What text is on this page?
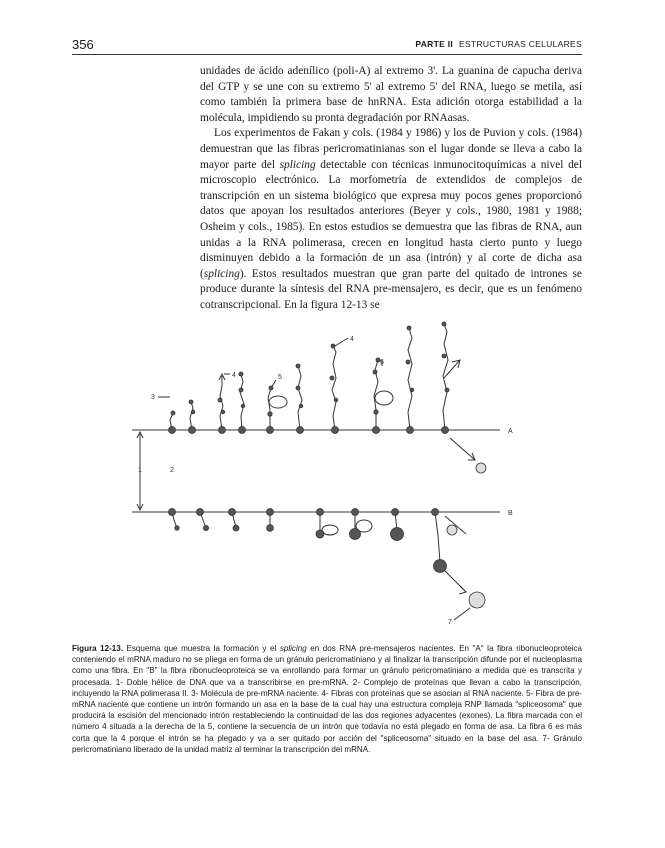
356	PARTE II ESTRUCTURAS CELULARES

unidades de ácido adenílico (poli-A) al extremo 3'. La guanina de capucha deriva del GTP y se une con su extremo 5' al extremo 5' del RNA, luego se metila, así como también la primera base de hnRNA. Esta adición otorga estabilidad a la molécula, impidiendo su pronta degradación por RNAasas.

Los experimentos de Fakan y cols. (1984 y 1986) y los de Puvion y cols. (1984) demuestran que las fibras pericromatinianas son el lugar donde se lleva a cabo la mayor parte del splicing detectable con técnicas inmunocitoquímicas a nivel del microscopio electrónico. La morfometría de extendidos de complejos de transcripción en un sistema biológico que expresa muy pocos genes proporcionó datos que apoyan los resultados anteriores (Beyer y cols., 1980, 1981 y 1988; Osheim y cols., 1985). En estos estudios se demuestra que las fibras de RNA, aun unidas a la RNA polimerasa, crecen en longitud hasta cierto punto y luego disminuyen debido a la formación de un asa (intrón) y al corte de dicha asa (splicing). Estos resultados muestran que gran parte del quitado de intrones se produce durante la síntesis del RNA pre-mensajero, es decir, que es un fenómeno cotranscripcional. En la figura 12-13 se

A
B
1	2
3
4	5
4
6
7
Figura 12-13. Esquema que muestra la formación y el splicing en dos RNA pre-mensajeros nacientes. En "A" la fibra ribonucleoproteica conteniendo el mRNA maduro no se pliega en forma de un gránulo pericromatiniano y al finalizar la transcripción difunde por el nucleoplasma como una fibra. En "B" la fibra ribonucleoproteica se va enrollando para formar un gránulo pericromatiniano a medida que es transcrita y procesada. 1- Doble hélice de DNA que va a transcribirse en pre-mRNA. 2- Complejo de proteínas que llevan a cabo la transcripción, incluyendo la RNA polimerasa II. 3- Molécula de pre-mRNA naciente. 4- Fibras con proteínas que se asocian al RNA naciente. 5- Fibra de pre-mRNA naciente que contiene un intrón formando un asa en la base de la cual hay una estructura compleja RNP llamada "spliceosoma" que producirá la escisión del mencionado intrón restableciendo la continuidad de las dos regiones adyacentes (exones). La fibra marcada con el número 4 situada a la derecha de la 5, contiene la secuencia de un intrón que todavía no está plegado en forma de asa. La fibra 6 es más corta que la 4 porque el intrón se ha plegado y va a ser quitado por acción del "spliceosoma" situado en la base del asa. 7- Gránulo pericromatiniano liberado de la unidad matriz al terminar la transcripción del mRNA.
